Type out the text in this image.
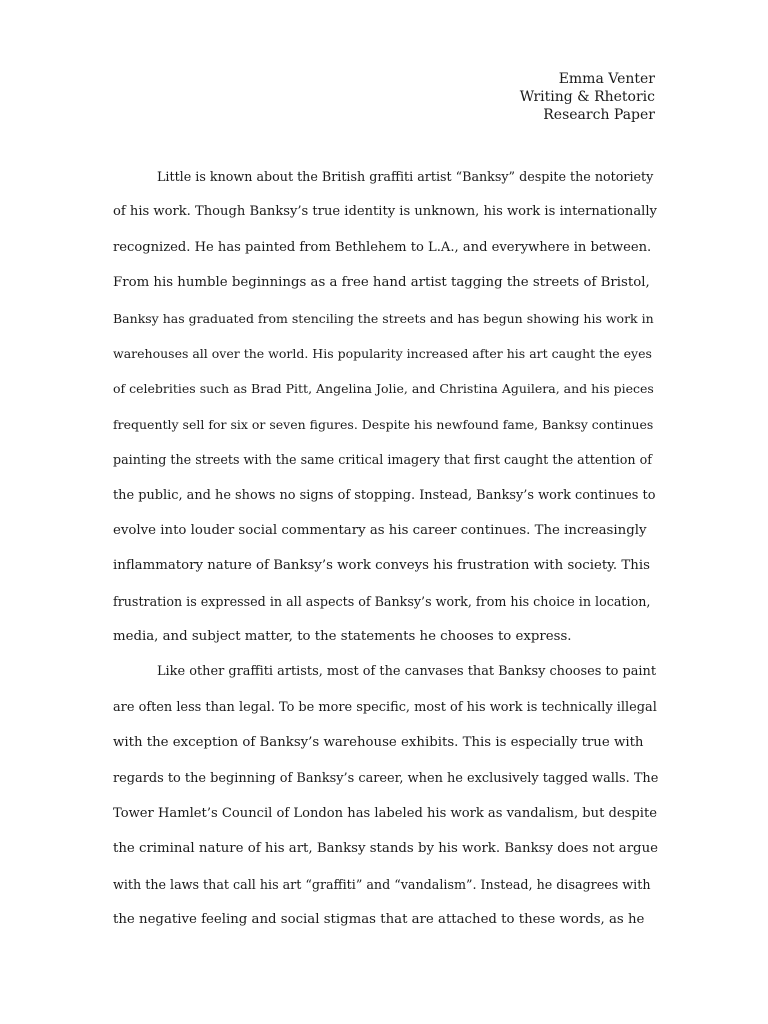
Emma Venter
Writing & Rhetoric
Research Paper
Little is known about the British graffiti artist “Banksy” despite the notoriety
of his work. Though Banksy’s true identity is unknown, his work is internationally
recognized. He has painted from Bethlehem to L.A., and everywhere in between.
From his humble beginnings as a free hand artist tagging the streets of Bristol,
Banksy has graduated from stenciling the streets and has begun showing his work in
warehouses all over the world. His popularity increased after his art caught the eyes
of celebrities such as Brad Pitt, Angelina Jolie, and Christina Aguilera, and his pieces
frequently sell for six or seven figures. Despite his newfound fame, Banksy continues
painting the streets with the same critical imagery that first caught the attention of
the public, and he shows no signs of stopping. Instead, Banksy’s work continues to
evolve into louder social commentary as his career continues. The increasingly
inflammatory nature of Banksy’s work conveys his frustration with society. This
frustration is expressed in all aspects of Banksy’s work, from his choice in location,
media, and subject matter, to the statements he chooses to express.
Like other graffiti artists, most of the canvases that Banksy chooses to paint
are often less than legal. To be more specific, most of his work is technically illegal
with the exception of Banksy’s warehouse exhibits. This is especially true with
regards to the beginning of Banksy’s career, when he exclusively tagged walls. The
Tower Hamlet’s Council of London has labeled his work as vandalism, but despite
the criminal nature of his art, Banksy stands by his work. Banksy does not argue
with the laws that call his art “graffiti” and “vandalism”. Instead, he disagrees with
the negative feeling and social stigmas that are attached to these words, as he
